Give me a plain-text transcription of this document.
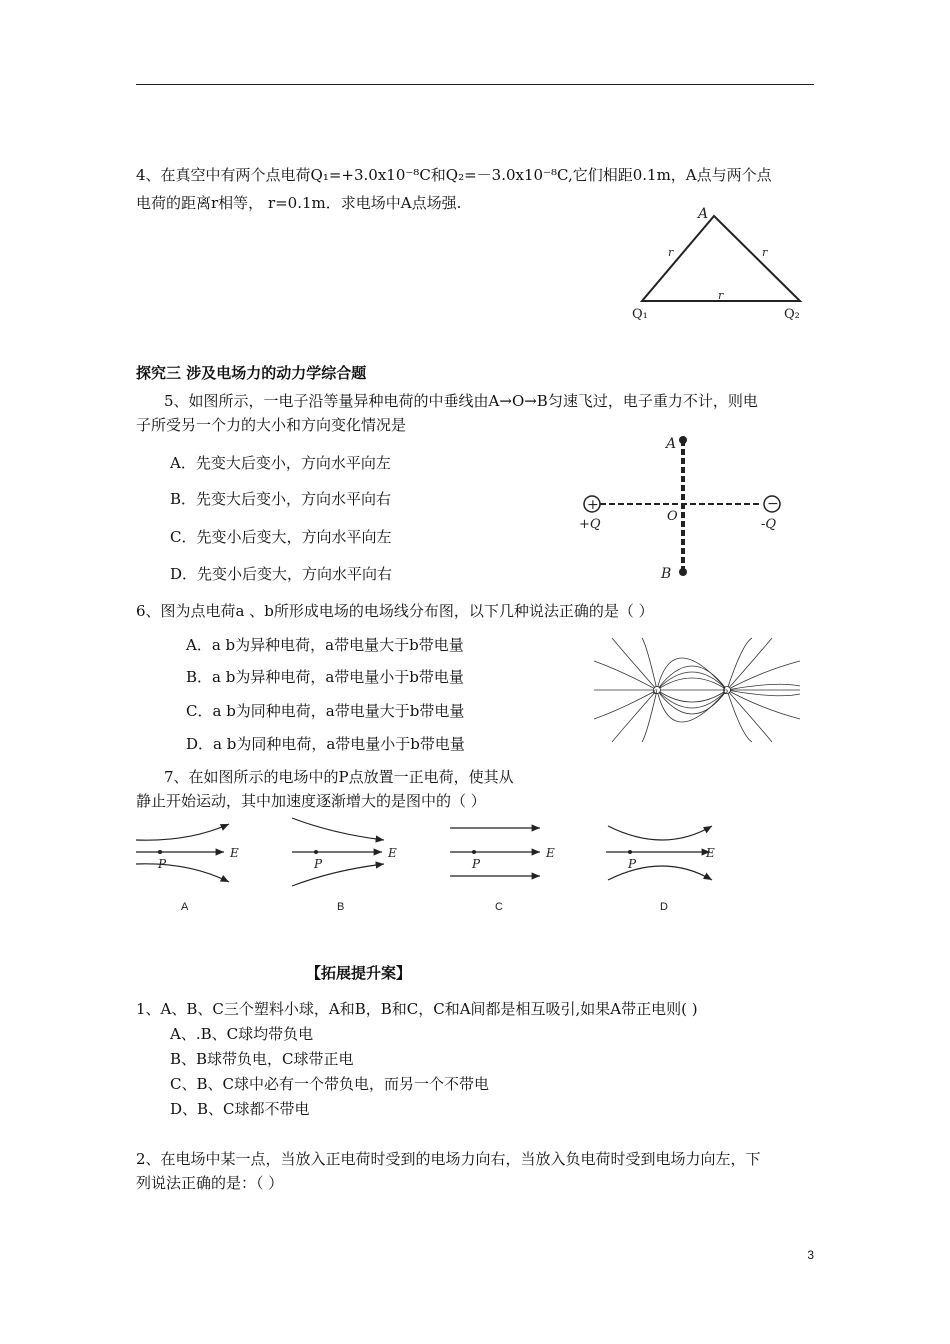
4、在真空中有两个点电荷Q₁=+3.0x10⁻⁸C和Q₂=－3.0x10⁻⁸C,它们相距0.1m，A点与两个点
电荷的距离r相等， r=0.1m．求电场中A点场强.
A
r	r
r
Q₁	Q₂
探究三 涉及电场力的动力学综合题
5、如图所示，一电子沿等量异种电荷的中垂线由A→O→B匀速飞过，电子重力不计，则电
子所受另一个力的大小和方向变化情况是
A．先变大后变小，方向水平向左
B．先变大后变小，方向水平向右
C．先变小后变大，方向水平向左
D．先变小后变大，方向水平向右
+	−
A
O
B
+Q	-Q
6、图为点电荷a 、b所形成电场的电场线分布图，以下几种说法正确的是（ ）
A．a b为异种电荷，a带电量大于b带电量
B．a b为异种电荷，a带电量小于b带电量
C．a b为同种电荷，a带电量大于b带电量
D．a b为同种电荷，a带电量小于b带电量
a	b
7、在如图所示的电场中的P点放置一正电荷，使其从
静止开始运动，其中加速度逐渐增大的是图中的（ ）
P
E
P
E
P
E
P
E
A	B	C	D
【拓展提升案】
1、A、B、C三个塑料小球，A和B，B和C，C和A间都是相互吸引,如果A带正电则( )
A、.B、C球均带负电
B、B球带负电，C球带正电
C、B、C球中必有一个带负电，而另一个不带电
D、B、C球都不带电
2、在电场中某一点，当放入正电荷时受到的电场力向右，当放入负电荷时受到电场力向左，下
列说法正确的是：（ ）
3
